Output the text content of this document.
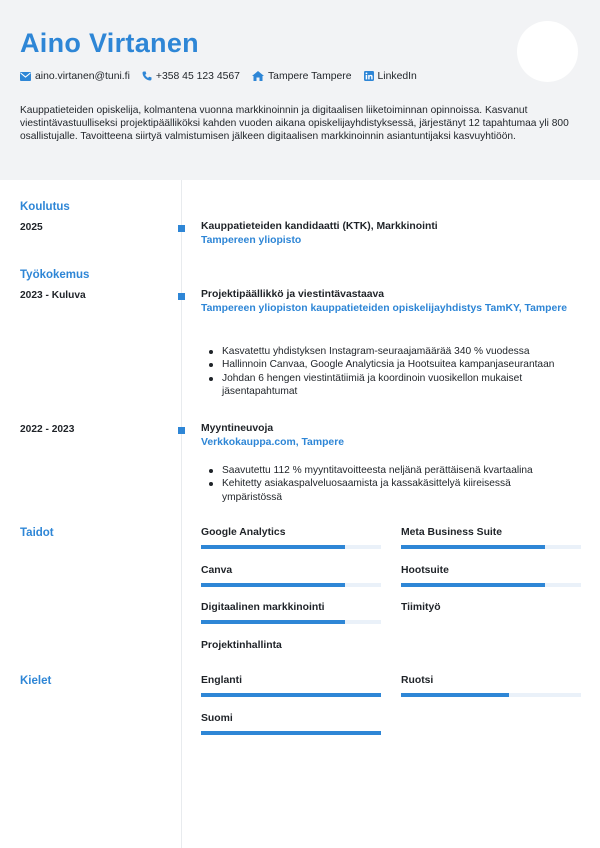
Aino Virtanen
aino.virtanen@tuni.fi	+358 45 123 4567	Tampere Tampere	LinkedIn
Kauppatieteiden opiskelija, kolmantena vuonna markkinoinnin ja digitaalisen liiketoiminnan opinnoissa. Kasvanut viestintävastuulliseksi projektipäälliköksi kahden vuoden aikana opiskelijayhdistyksessä, järjestänyt 12 tapahtumaa yli 800 osallistujalle. Tavoitteena siirtyä valmistumisen jälkeen digitaalisen markkinoinnin asiantuntijaksi kasvuyhtiöön.
Koulutus
2025	Kauppatieteiden kandidaatti (KTK), Markkinointi
Tampereen yliopisto
Työkokemus
2023 - Kuluva	Projektipäällikkö ja viestintävastaava
Tampereen yliopiston kauppatieteiden opiskelijayhdistys TamKY, Tampere
Kasvatettu yhdistyksen Instagram-seuraajamäärää 340 % vuodessa
Hallinnoin Canvaa, Google Analyticsia ja Hootsuitea kampanjaseurantaan
Johdan 6 hengen viestintätiimiä ja koordinoin vuosikellon mukaiset jäsentapahtumat
2022 - 2023	Myyntineuvoja
Verkkokauppa.com, Tampere
Saavutettu 112 % myyntitavoitteesta neljänä perättäisenä kvartaalina
Kehitetty asiakaspalveluosaamista ja kassakäsittelyä kiireisessä ympäristössä
Taidot	Google Analytics	Meta Business Suite
Canva	Hootsuite
Digitaalinen markkinointi	Tiimityö
Projektinhallinta
Kielet	Englanti	Ruotsi
Suomi
